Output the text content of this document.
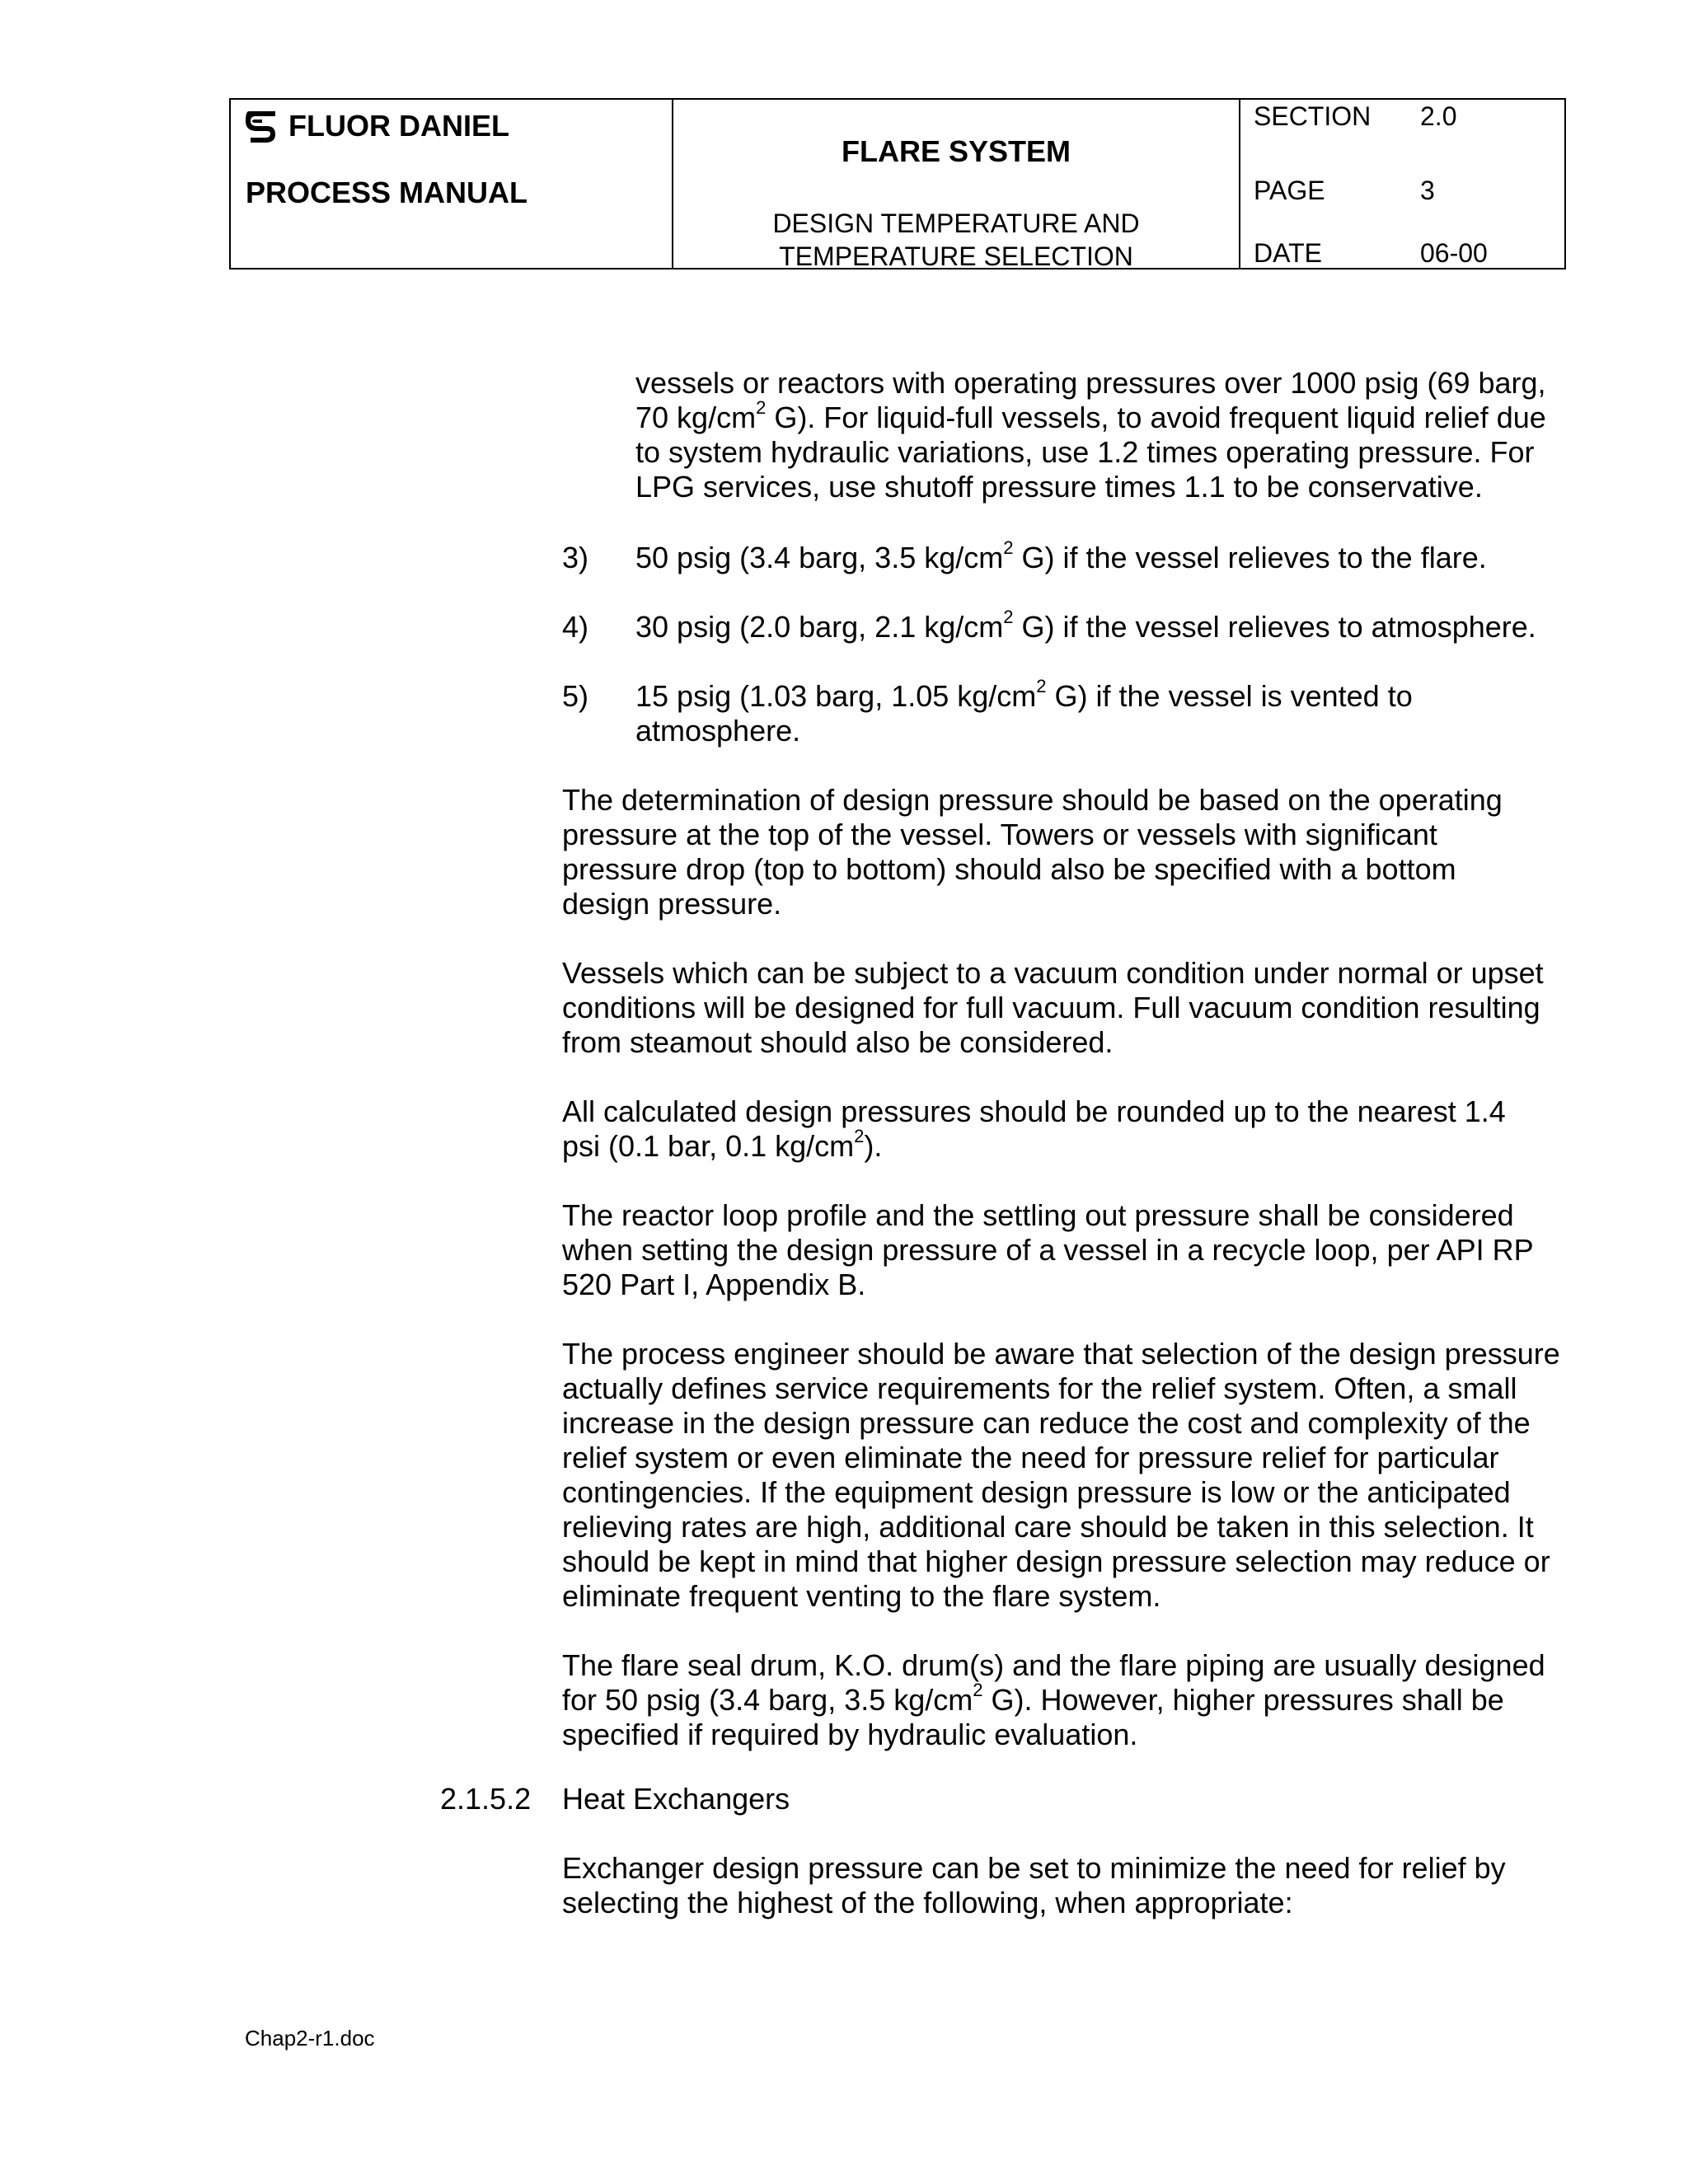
FLUOR DANIEL
PROCESS MANUAL
FLARE SYSTEM
DESIGN TEMPERATURE AND
TEMPERATURE SELECTION
SECTION	2.0
PAGE	3
DATE	06-00
vessels or reactors with operating pressures over 1000 psig (69 barg,
70 $kg/cm^2$ G). For liquid-full vessels, to avoid frequent liquid relief due
to system hydraulic variations, use 1.2 times operating pressure. For
LPG services, use shutoff pressure times 1.1 to be conservative.
3) 50 psig (3.4 barg, 3.5 $kg/cm^2$ G) if the vessel relieves to the flare.
4) 30 psig (2.0 barg, 2.1 $kg/cm^2$ G) if the vessel relieves to atmosphere.
5) 15 psig (1.03 barg, 1.05 $kg/cm^2$ G) if the vessel is vented to
atmosphere.

The determination of design pressure should be based on the operating pressure at the top of the vessel. Towers or vessels with significant pressure drop (top to bottom) should also be specified with a bottom design pressure.

Vessels which can be subject to a vacuum condition under normal or upset conditions will be designed for full vacuum. Full vacuum condition resulting from steamout should also be considered.

All calculated design pressures should be rounded up to the nearest 1.4
psi (0.1 bar, 0.1 $kg/cm^2$).

The reactor loop profile and the settling out pressure shall be considered when setting the design pressure of a vessel in a recycle loop, per API RP 520 Part I, Appendix B.

The process engineer should be aware that selection of the design pressure actually defines service requirements for the relief system. Often, a small increase in the design pressure can reduce the cost and complexity of the relief system or even eliminate the need for pressure relief for particular contingencies. If the equipment design pressure is low or the anticipated relieving rates are high, additional care should be taken in this selection. It should be kept in mind that higher design pressure selection may reduce or eliminate frequent venting to the flare system.

The flare seal drum, K.O. drum(s) and the flare piping are usually designed
for 50 psig (3.4 barg, 3.5 $kg/cm^2$ G). However, higher pressures shall be
specified if required by hydraulic evaluation.
2.1.5.2	Heat Exchangers

Exchanger design pressure can be set to minimize the need for relief by selecting the highest of the following, when appropriate:

Chap2-r1.doc
